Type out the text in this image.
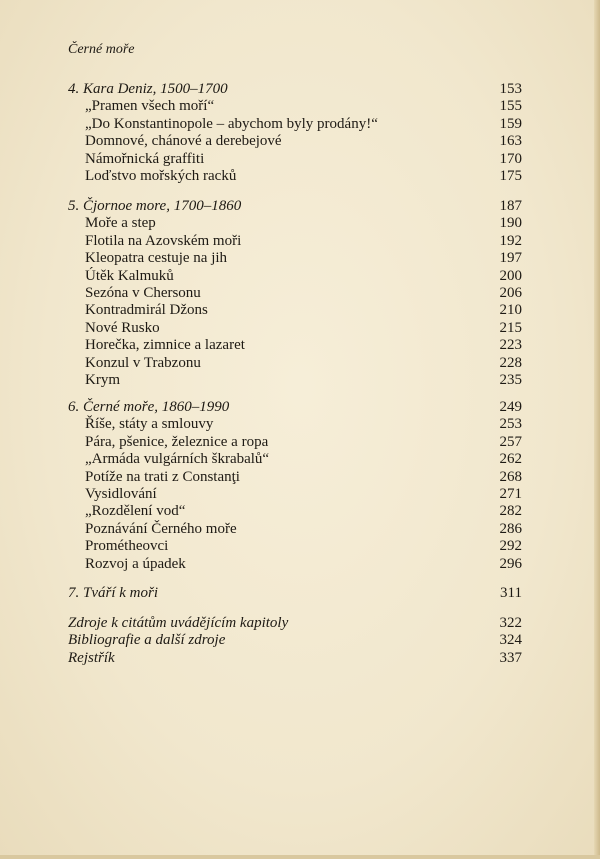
Černé moře
4. Kara Deniz, 1500–1700	153
„Pramen všech moří“	155
„Do Konstantinopole – abychom byly prodány!“	159
Domnové, chánové a derebejové	163
Námořnická graffiti	170
Loďstvo mořských racků	175
5. Čjornoe more, 1700–1860	187
Moře a step	190
Flotila na Azovském moři	192
Kleopatra cestuje na jih	197
Útěk Kalmuků	200
Sezóna v Chersonu	206
Kontradmirál Džons	210
Nové Rusko	215
Horečka, zimnice a lazaret	223
Konzul v Trabzonu	228
Krym	235
6. Černé moře, 1860–1990	249
Říše, státy a smlouvy	253
Pára, pšenice, železnice a ropa	257
„Armáda vulgárních škrabalů“	262
Potíže na trati z Constanţi	268
Vysidlování	271
„Rozdělení vod“	282
Poznávání Černého moře	286
Prométheovci	292
Rozvoj a úpadek	296
7. Tváří k moři	311
Zdroje k citátům uvádějícím kapitoly	322
Bibliografie a další zdroje	324
Rejstřík	337
